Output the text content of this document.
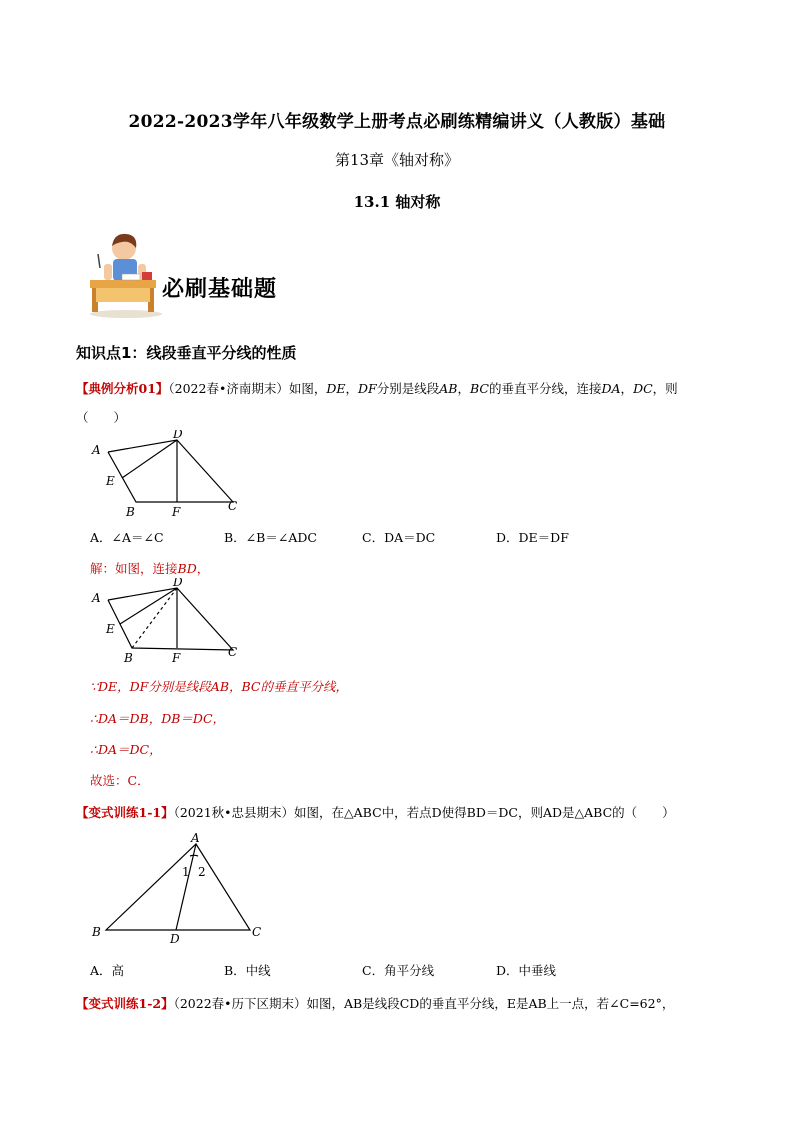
2022-2023学年八年级数学上册考点必刷练精编讲义（人教版）基础
第13章《轴对称》
13.1 轴对称
必刷基础题
知识点1：线段垂直平分线的性质
【典例分析01】（2022春•济南期末）如图，DE，DF分别是线段AB，BC的垂直平分线，连接DA，DC，则
（　　）
A
D
E
B	F	C
A．∠A＝∠C	B．∠B＝∠ADC	C．DA＝DC	D．DE＝DF
解：如图，连接BD，
A
D
E
B	F	C
∵DE，DF分别是线段AB，BC的垂直平分线，
∴DA＝DB，DB＝DC，
∴DA＝DC，
故选：C．
【变式训练1-1】（2021秋•忠县期末）如图，在△ABC中，若点D使得BD＝DC，则AD是△ABC的（　　）
A
B	D	C
1 2
A．高	B．中线	C．角平分线	D．中垂线
【变式训练1-2】（2022春•历下区期末）如图，AB是线段CD的垂直平分线，E是AB上一点，若∠C=62°，
